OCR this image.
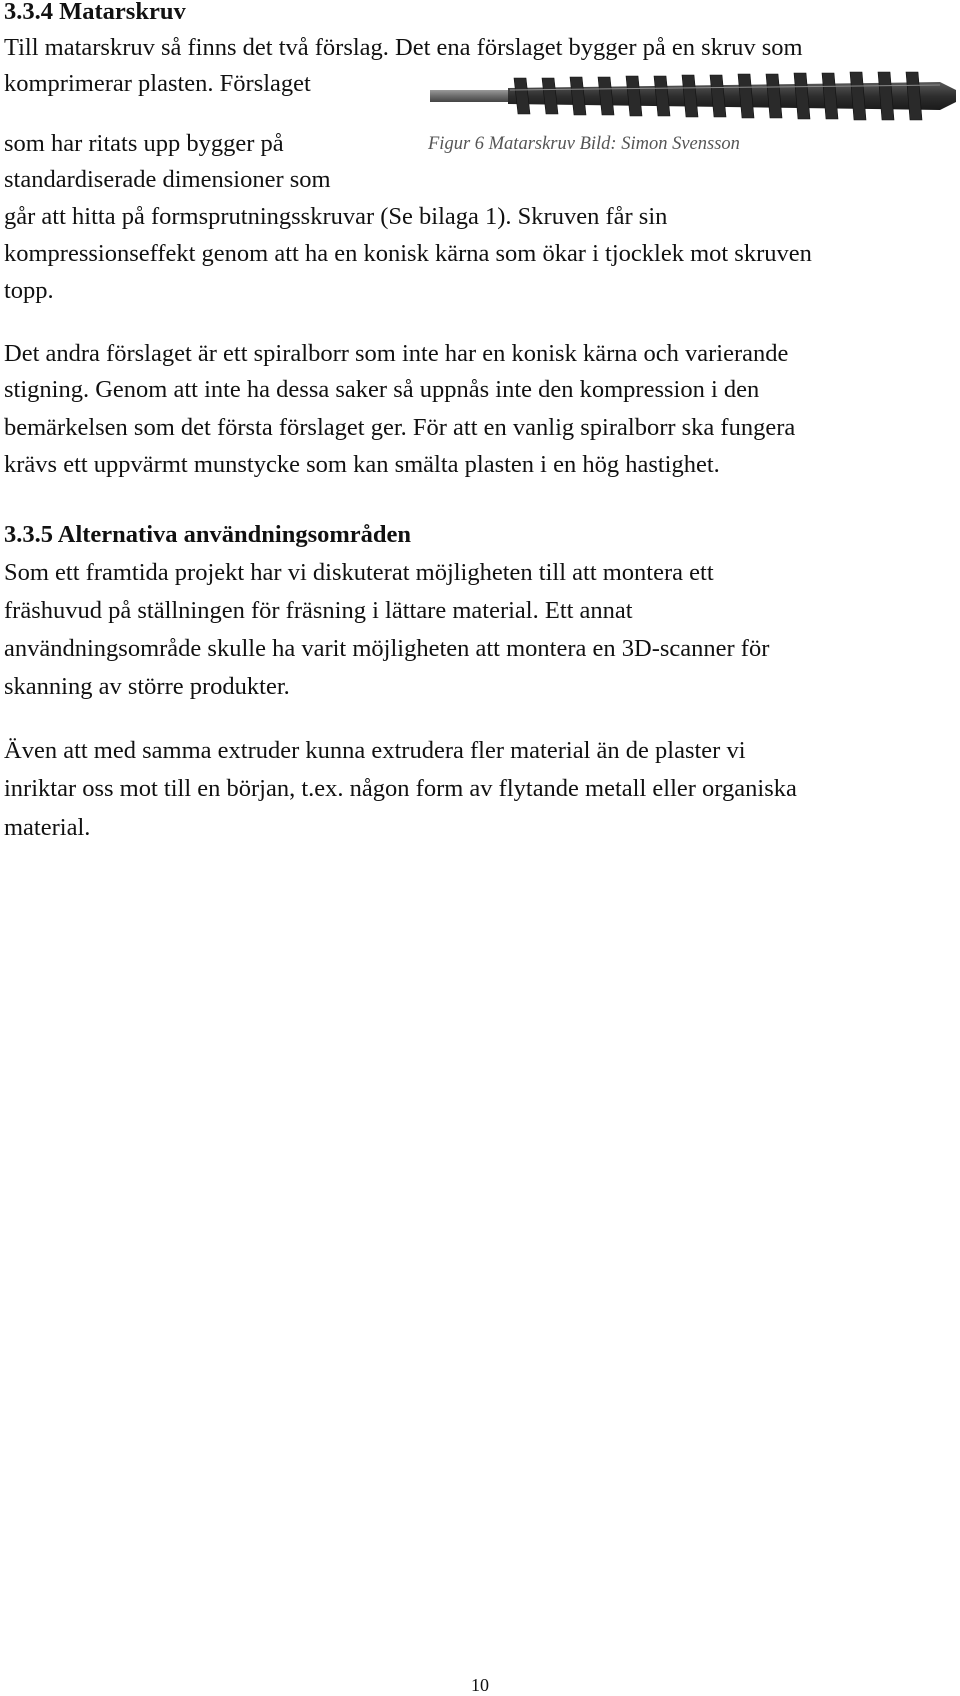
3.3.4 Matarskruv

Till matarskruv så finns det två förslag. Det ena förslaget bygger på en skruv som

komprimerar plasten. Förslaget

som har ritats upp bygger på	Figur 6 Matarskruv Bild: Simon Svensson

standardiserade dimensioner som

går att hitta på formsprutningsskruvar (Se bilaga 1). Skruven får sin

kompressionseffekt genom att ha en konisk kärna som ökar i tjocklek mot skruven

topp.

Det andra förslaget är ett spiralborr som inte har en konisk kärna och varierande

stigning. Genom att inte ha dessa saker så uppnås inte den kompression i den

bemärkelsen som det första förslaget ger. För att en vanlig spiralborr ska fungera

krävs ett uppvärmt munstycke som kan smälta plasten i en hög hastighet.

3.3.5 Alternativa användningsområden

Som ett framtida projekt har vi diskuterat möjligheten till att montera ett

fräshuvud på ställningen för fräsning i lättare material. Ett annat

användningsområde skulle ha varit möjligheten att montera en 3D-scanner för

skanning av större produkter.

Även att med samma extruder kunna extrudera fler material än de plaster vi

inriktar oss mot till en början, t.ex. någon form av flytande metall eller organiska

material.

10
